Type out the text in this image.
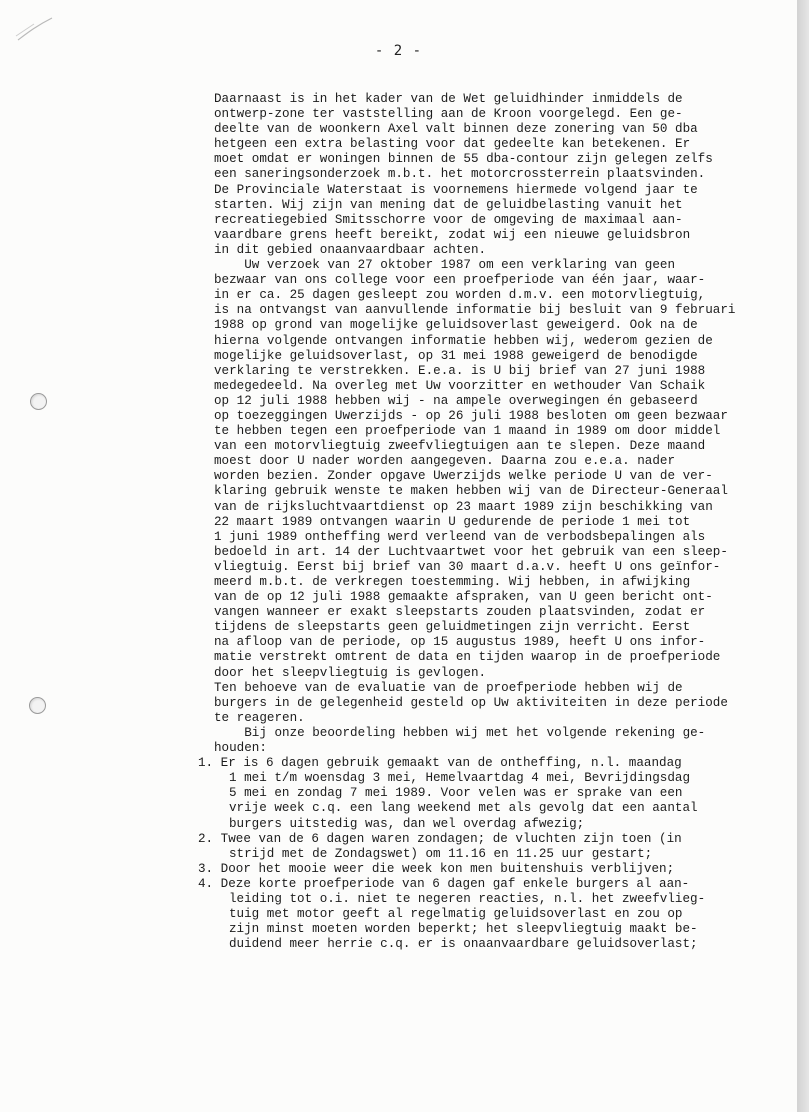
- 2 -
Daarnaast is in het kader van de Wet geluidhinder inmiddels de
ontwerp-zone ter vaststelling aan de Kroon voorgelegd. Een ge-
deelte van de woonkern Axel valt binnen deze zonering van 50 dba
hetgeen een extra belasting voor dat gedeelte kan betekenen. Er
moet omdat er woningen binnen de 55 dba-contour zijn gelegen zelfs
een saneringsonderzoek m.b.t. het motorcrossterrein plaatsvinden.
De Provinciale Waterstaat is voornemens hiermede volgend jaar te
starten. Wij zijn van mening dat de geluidbelasting vanuit het
recreatiegebied Smitsschorre voor de omgeving de maximaal aan-
vaardbare grens heeft bereikt, zodat wij een nieuwe geluidsbron
in dit gebied onaanvaardbaar achten.
Uw verzoek van 27 oktober 1987 om een verklaring van geen
bezwaar van ons college voor een proefperiode van één jaar, waar-
in er ca. 25 dagen gesleept zou worden d.m.v. een motorvliegtuig,
is na ontvangst van aanvullende informatie bij besluit van 9 februari
1988 op grond van mogelijke geluidsoverlast geweigerd. Ook na de
hierna volgende ontvangen informatie hebben wij, wederom gezien de
mogelijke geluidsoverlast, op 31 mei 1988 geweigerd de benodigde
verklaring te verstrekken. E.e.a. is U bij brief van 27 juni 1988
medegedeeld. Na overleg met Uw voorzitter en wethouder Van Schaik
op 12 juli 1988 hebben wij - na ampele overwegingen én gebaseerd
op toezeggingen Uwerzijds - op 26 juli 1988 besloten om geen bezwaar
te hebben tegen een proefperiode van 1 maand in 1989 om door middel
van een motorvliegtuig zweefvliegtuigen aan te slepen. Deze maand
moest door U nader worden aangegeven. Daarna zou e.e.a. nader
worden bezien. Zonder opgave Uwerzijds welke periode U van de ver-
klaring gebruik wenste te maken hebben wij van de Directeur-Generaal
van de rijksluchtvaartdienst op 23 maart 1989 zijn beschikking van
22 maart 1989 ontvangen waarin U gedurende de periode 1 mei tot
1 juni 1989 ontheffing werd verleend van de verbodsbepalingen als
bedoeld in art. 14 der Luchtvaartwet voor het gebruik van een sleep-
vliegtuig. Eerst bij brief van 30 maart d.a.v. heeft U ons geïnfor-
meerd m.b.t. de verkregen toestemming. Wij hebben, in afwijking
van de op 12 juli 1988 gemaakte afspraken, van U geen bericht ont-
vangen wanneer er exakt sleepstarts zouden plaatsvinden, zodat er
tijdens de sleepstarts geen geluidmetingen zijn verricht. Eerst
na afloop van de periode, op 15 augustus 1989, heeft U ons infor-
matie verstrekt omtrent de data en tijden waarop in de proefperiode
door het sleepvliegtuig is gevlogen.
Ten behoeve van de evaluatie van de proefperiode hebben wij de
burgers in de gelegenheid gesteld op Uw aktiviteiten in deze periode
te reageren.
Bij onze beoordeling hebben wij met het volgende rekening ge-
houden:
1. Er is 6 dagen gebruik gemaakt van de ontheffing, n.l. maandag
1 mei t/m woensdag 3 mei, Hemelvaartdag 4 mei, Bevrijdingsdag
5 mei en zondag 7 mei 1989. Voor velen was er sprake van een
vrije week c.q. een lang weekend met als gevolg dat een aantal
burgers uitstedig was, dan wel overdag afwezig;
2. Twee van de 6 dagen waren zondagen; de vluchten zijn toen (in
strijd met de Zondagswet) om 11.16 en 11.25 uur gestart;
3. Door het mooie weer die week kon men buitenshuis verblijven;
4. Deze korte proefperiode van 6 dagen gaf enkele burgers al aan-
leiding tot o.i. niet te negeren reacties, n.l. het zweefvlieg-
tuig met motor geeft al regelmatig geluidsoverlast en zou op
zijn minst moeten worden beperkt; het sleepvliegtuig maakt be-
duidend meer herrie c.q. er is onaanvaardbare geluidsoverlast;
